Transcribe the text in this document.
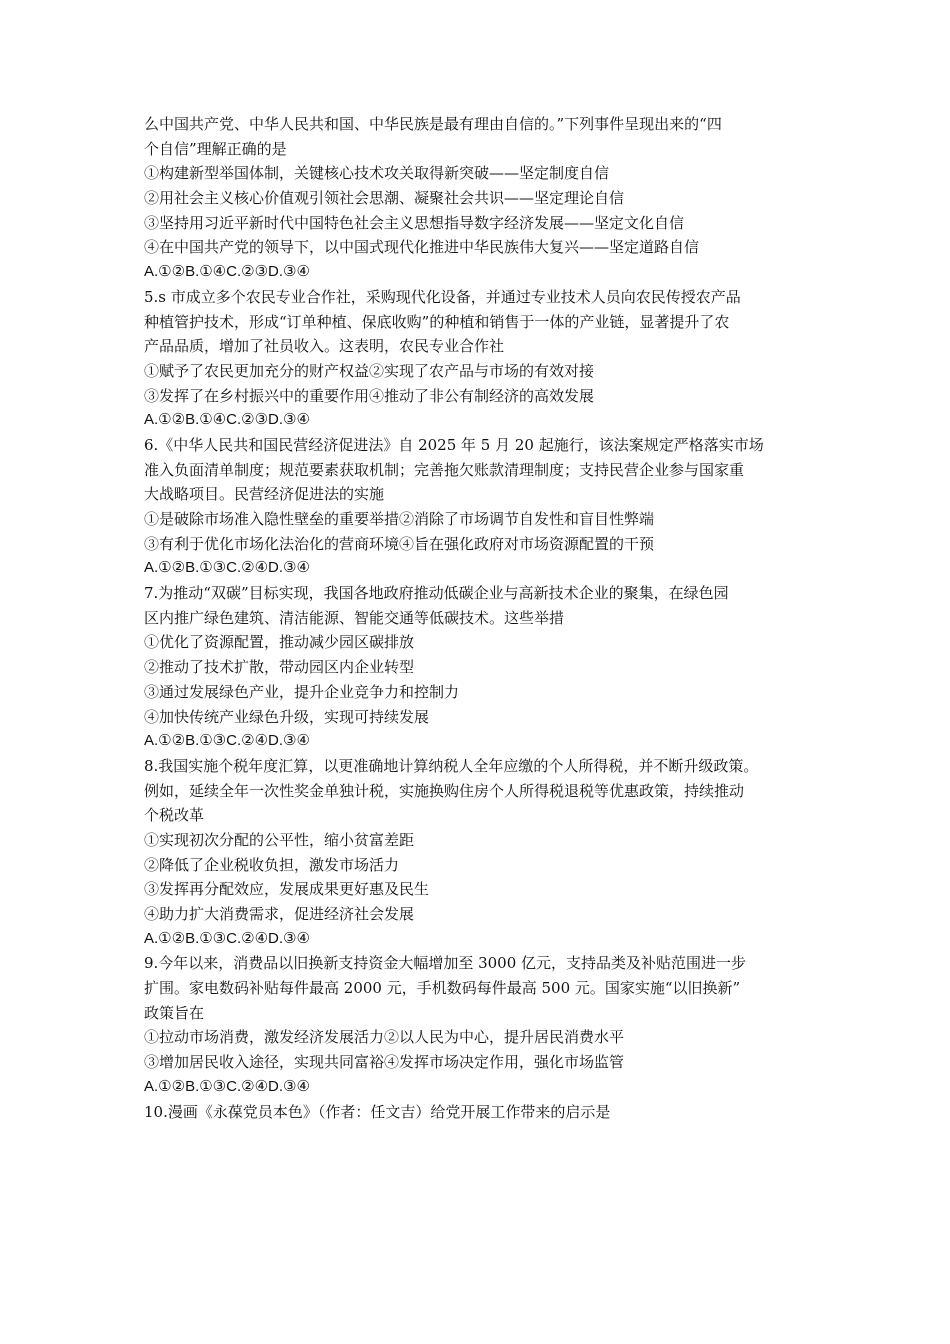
么中国共产党、中华人民共和国、中华民族是最有理由自信的。”下列事件呈现出来的“四
个自信”理解正确的是
①构建新型举国体制，关键核心技术攻关取得新突破——坚定制度自信
②用社会主义核心价值观引领社会思潮、凝聚社会共识——坚定理论自信
③坚持用习近平新时代中国特色社会主义思想指导数字经济发展——坚定文化自信
④在中国共产党的领导下，以中国式现代化推进中华民族伟大复兴——坚定道路自信
A.①②B.①④C.②③D.③④
5.s 市成立多个农民专业合作社，采购现代化设备，并通过专业技术人员向农民传授农产品
种植管护技术，形成“订单种植、保底收购”的种植和销售于一体的产业链，显著提升了农
产品品质，增加了社员收入。这表明，农民专业合作社
①赋予了农民更加充分的财产权益②实现了农产品与市场的有效对接
③发挥了在乡村振兴中的重要作用④推动了非公有制经济的高效发展
A.①②B.①④C.②③D.③④
6.《中华人民共和国民营经济促进法》自 2025 年 5 月 20 起施行，该法案规定严格落实市场
准入负面清单制度；规范要素获取机制；完善拖欠账款清理制度；支持民营企业参与国家重
大战略项目。民营经济促进法的实施
①是破除市场准入隐性壁垒的重要举措②消除了市场调节自发性和盲目性弊端
③有利于优化市场化法治化的营商环境④旨在强化政府对市场资源配置的干预
A.①②B.①③C.②④D.③④
7.为推动“双碳”目标实现，我国各地政府推动低碳企业与高新技术企业的聚集，在绿色园
区内推广绿色建筑、清洁能源、智能交通等低碳技术。这些举措
①优化了资源配置，推动减少园区碳排放
②推动了技术扩散，带动园区内企业转型
③通过发展绿色产业，提升企业竞争力和控制力
④加快传统产业绿色升级，实现可持续发展
A.①②B.①③C.②④D.③④
8.我国实施个税年度汇算，以更准确地计算纳税人全年应缴的个人所得税，并不断升级政策。
例如，延续全年一次性奖金单独计税，实施换购住房个人所得税退税等优惠政策，持续推动
个税改革
①实现初次分配的公平性，缩小贫富差距
②降低了企业税收负担，激发市场活力
③发挥再分配效应，发展成果更好惠及民生
④助力扩大消费需求，促进经济社会发展
A.①②B.①③C.②④D.③④
9.今年以来，消费品以旧换新支持资金大幅增加至 3000 亿元，支持品类及补贴范围进一步
扩围。家电数码补贴每件最高 2000 元，手机数码每件最高 500 元。国家实施“以旧换新”
政策旨在
①拉动市场消费，激发经济发展活力②以人民为中心，提升居民消费水平
③增加居民收入途径，实现共同富裕④发挥市场决定作用，强化市场监管
A.①②B.①③C.②④D.③④
10.漫画《永葆党员本色》（作者：任文吉）给党开展工作带来的启示是
